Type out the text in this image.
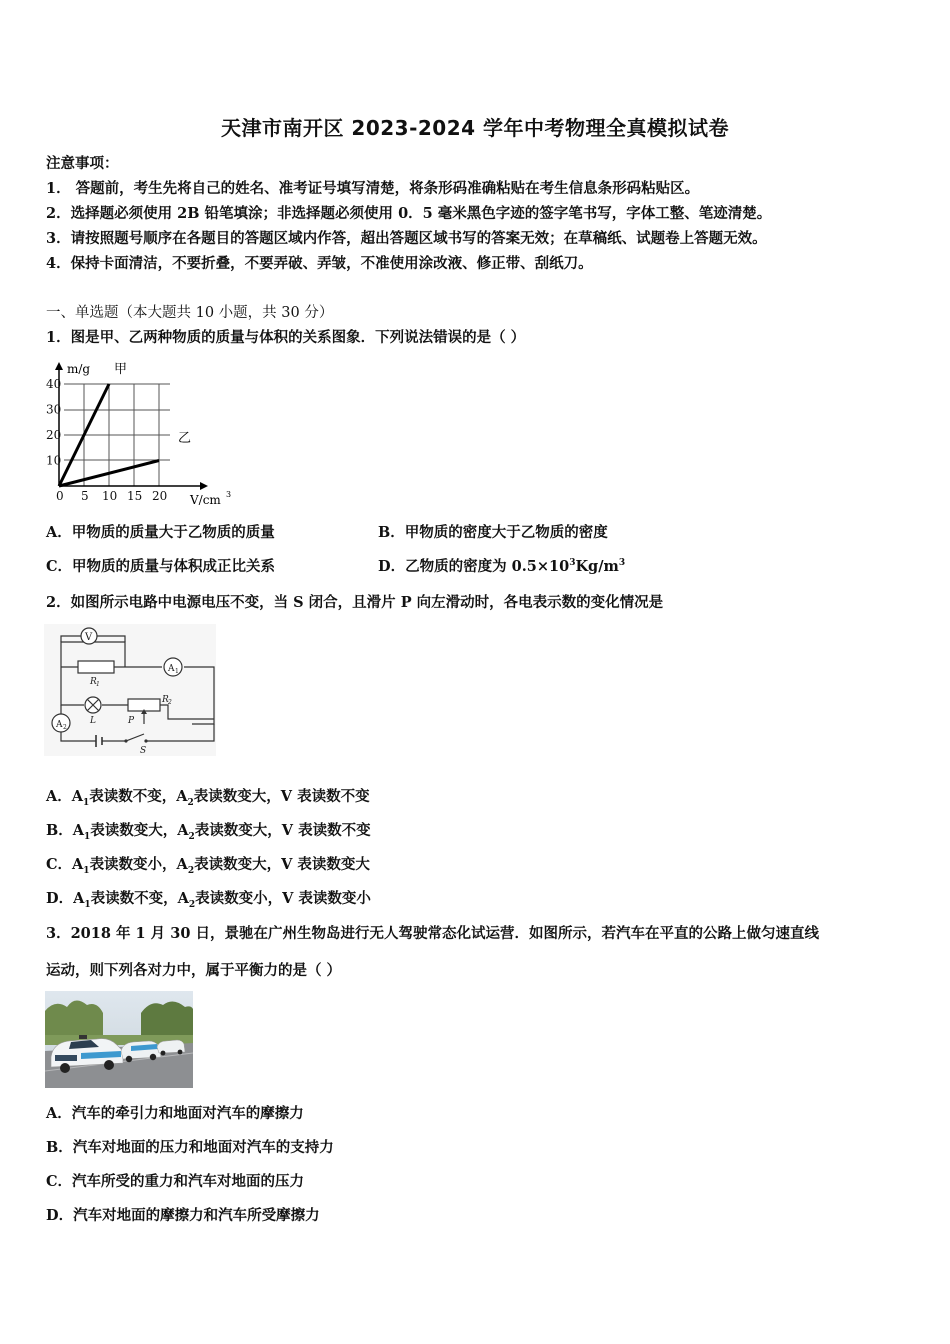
天津市南开区 2023-2024 学年中考物理全真模拟试卷
注意事项：
1． 答题前，考生先将自己的姓名、准考证号填写清楚，将条形码准确粘贴在考生信息条形码粘贴区。
2．选择题必须使用 2B 铅笔填涂；非选择题必须使用 0．5 毫米黑色字迹的签字笔书写，字体工整、笔迹清楚。
3．请按照题号顺序在各题目的答题区域内作答，超出答题区域书写的答案无效；在草稿纸、试题卷上答题无效。
4．保持卡面清洁，不要折叠，不要弄破、弄皱，不准使用涂改液、修正带、刮纸刀。
一、单选题（本大题共 10 小题，共 30 分）
1．图是甲、乙两种物质的质量与体积的关系图象．下列说法错误的是（ ）
40
30
20
10
0 5 10 15 20
m/g 甲
乙
V/cm 3
A．甲物质的质量大于乙物质的质量	B．甲物质的密度大于乙物质的密度
C．甲物质的质量与体积成正比关系	D．乙物质的密度为 $0.5\times 10^3Kg/m^3$
2．如图所示电路中电源电压不变，当 S 闭合，且滑片 P 向左滑动时，各电表示数的变化情况是
V
A 1
A 2
R 1
R 2
L	P
S
A．$A_1$表读数不变，$A_2$表读数变大，V 表读数不变
B．$A_1$表读数变大，$A_2$表读数变大，V 表读数不变
C．$A_1$表读数变小，$A_2$表读数变大，V 表读数变大
D．$A_1$表读数不变，$A_2$表读数变小，V 表读数变小
3．2018 年 1 月 30 日，景驰在广州生物岛进行无人驾驶常态化试运营．如图所示，若汽车在平直的公路上做匀速直线
运动，则下列各对力中，属于平衡力的是（ ）
A．汽车的牵引力和地面对汽车的摩擦力
B．汽车对地面的压力和地面对汽车的支持力
C．汽车所受的重力和汽车对地面的压力
D．汽车对地面的摩擦力和汽车所受摩擦力
